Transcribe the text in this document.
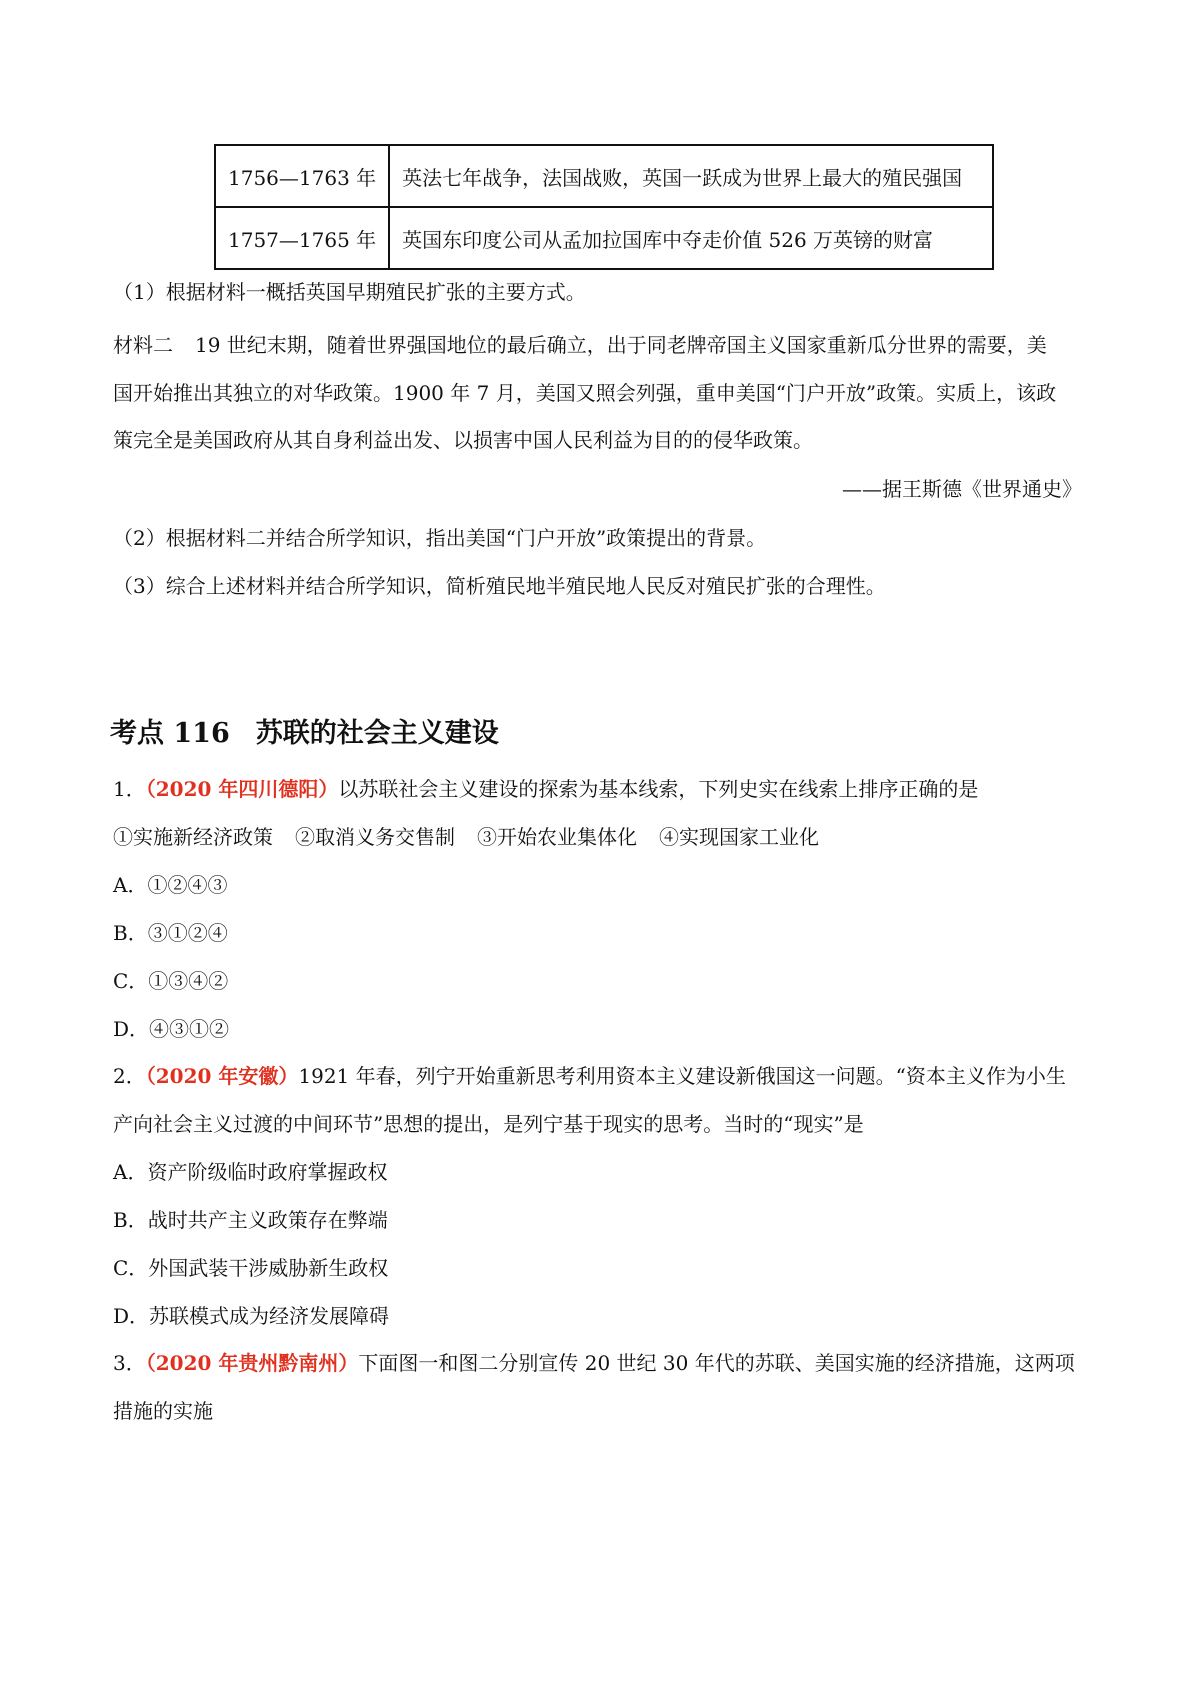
1756—1763 年	英法七年战争，法国战败，英国一跃成为世界上最大的殖民强国
1757—1765 年	英国东印度公司从孟加拉国库中夺走价值 526 万英镑的财富
（1）根据材料一概括英国早期殖民扩张的主要方式。
材料二 19 世纪末期，随着世界强国地位的最后确立，出于同老牌帝国主义国家重新瓜分世界的需要，美
国开始推出其独立的对华政策。1900 年 7 月，美国又照会列强，重申美国“门户开放”政策。实质上，该政
策完全是美国政府从其自身利益出发、以损害中国人民利益为目的的侵华政策。
——据王斯德《世界通史》
（2）根据材料二并结合所学知识，指出美国“门户开放”政策提出的背景。
（3）综合上述材料并结合所学知识，简析殖民地半殖民地人民反对殖民扩张的合理性。
考点 116 苏联的社会主义建设
1．（2020 年四川德阳）以苏联社会主义建设的探索为基本线索，下列史实在线索上排序正确的是
①实施新经济政策 ②取消义务交售制 ③开始农业集体化 ④实现国家工业化
A．①②④③
B．③①②④
C．①③④②
D．④③①②
2．（2020 年安徽）1921 年春，列宁开始重新思考利用资本主义建设新俄国这一问题。“资本主义作为小生
产向社会主义过渡的中间环节”思想的提出，是列宁基于现实的思考。当时的“现实”是
A．资产阶级临时政府掌握政权
B．战时共产主义政策存在弊端
C．外国武装干涉威胁新生政权
D．苏联模式成为经济发展障碍
3．（2020 年贵州黔南州）下面图一和图二分别宣传 20 世纪 30 年代的苏联、美国实施的经济措施，这两项
措施的实施
